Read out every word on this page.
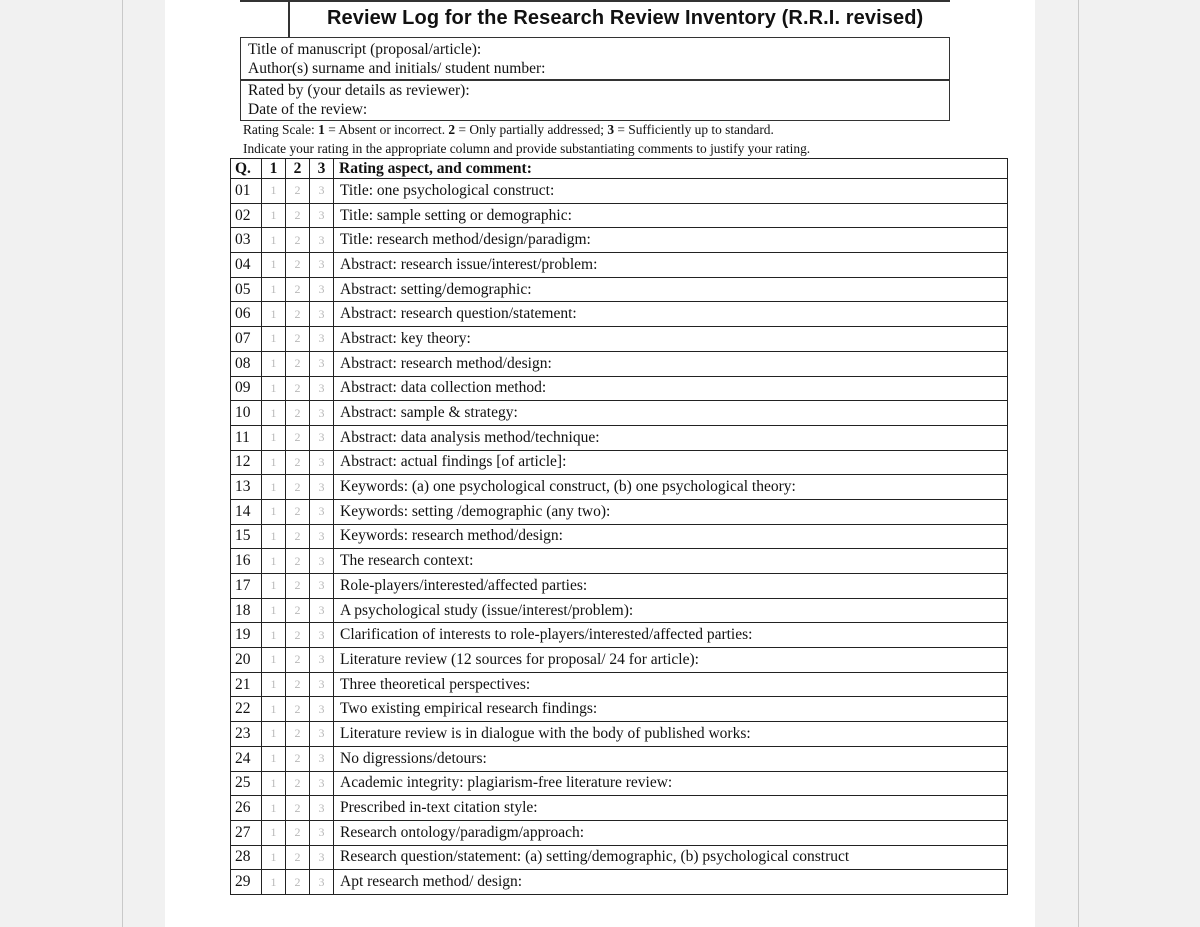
Review Log for the Research Review Inventory (R.R.I. revised)
Title of manuscript (proposal/article):
Author(s) surname and initials/ student number:
Rated by (your details as reviewer):
Date of the review:
Rating Scale: 1 = Absent or incorrect. 2 = Only partially addressed; 3 = Sufficiently up to standard.
Indicate your rating in the appropriate column and provide substantiating comments to justify your rating.
Q.	1	2	3	Rating aspect, and comment:
01	1	2	3	Title: one psychological construct:
02	1	2	3	Title: sample setting or demographic:
03	1	2	3	Title: research method/design/paradigm:
04	1	2	3	Abstract: research issue/interest/problem:
05	1	2	3	Abstract: setting/demographic:
06	1	2	3	Abstract: research question/statement:
07	1	2	3	Abstract: key theory:
08	1	2	3	Abstract: research method/design:
09	1	2	3	Abstract: data collection method:
10	1	2	3	Abstract: sample & strategy:
11	1	2	3	Abstract: data analysis method/technique:
12	1	2	3	Abstract: actual findings [of article]:
13	1	2	3	Keywords: (a) one psychological construct, (b) one psychological theory:
14	1	2	3	Keywords: setting /demographic (any two):
15	1	2	3	Keywords: research method/design:
16	1	2	3	The research context:
17	1	2	3	Role-players/interested/affected parties:
18	1	2	3	A psychological study (issue/interest/problem):
19	1	2	3	Clarification of interests to role-players/interested/affected parties:
20	1	2	3	Literature review (12 sources for proposal/ 24 for article):
21	1	2	3	Three theoretical perspectives:
22	1	2	3	Two existing empirical research findings:
23	1	2	3	Literature review is in dialogue with the body of published works:
24	1	2	3	No digressions/detours:
25	1	2	3	Academic integrity: plagiarism-free literature review:
26	1	2	3	Prescribed in-text citation style:
27	1	2	3	Research ontology/paradigm/approach:
28	1	2	3	Research question/statement: (a) setting/demographic, (b) psychological construct
29	1	2	3	Apt research method/ design:
